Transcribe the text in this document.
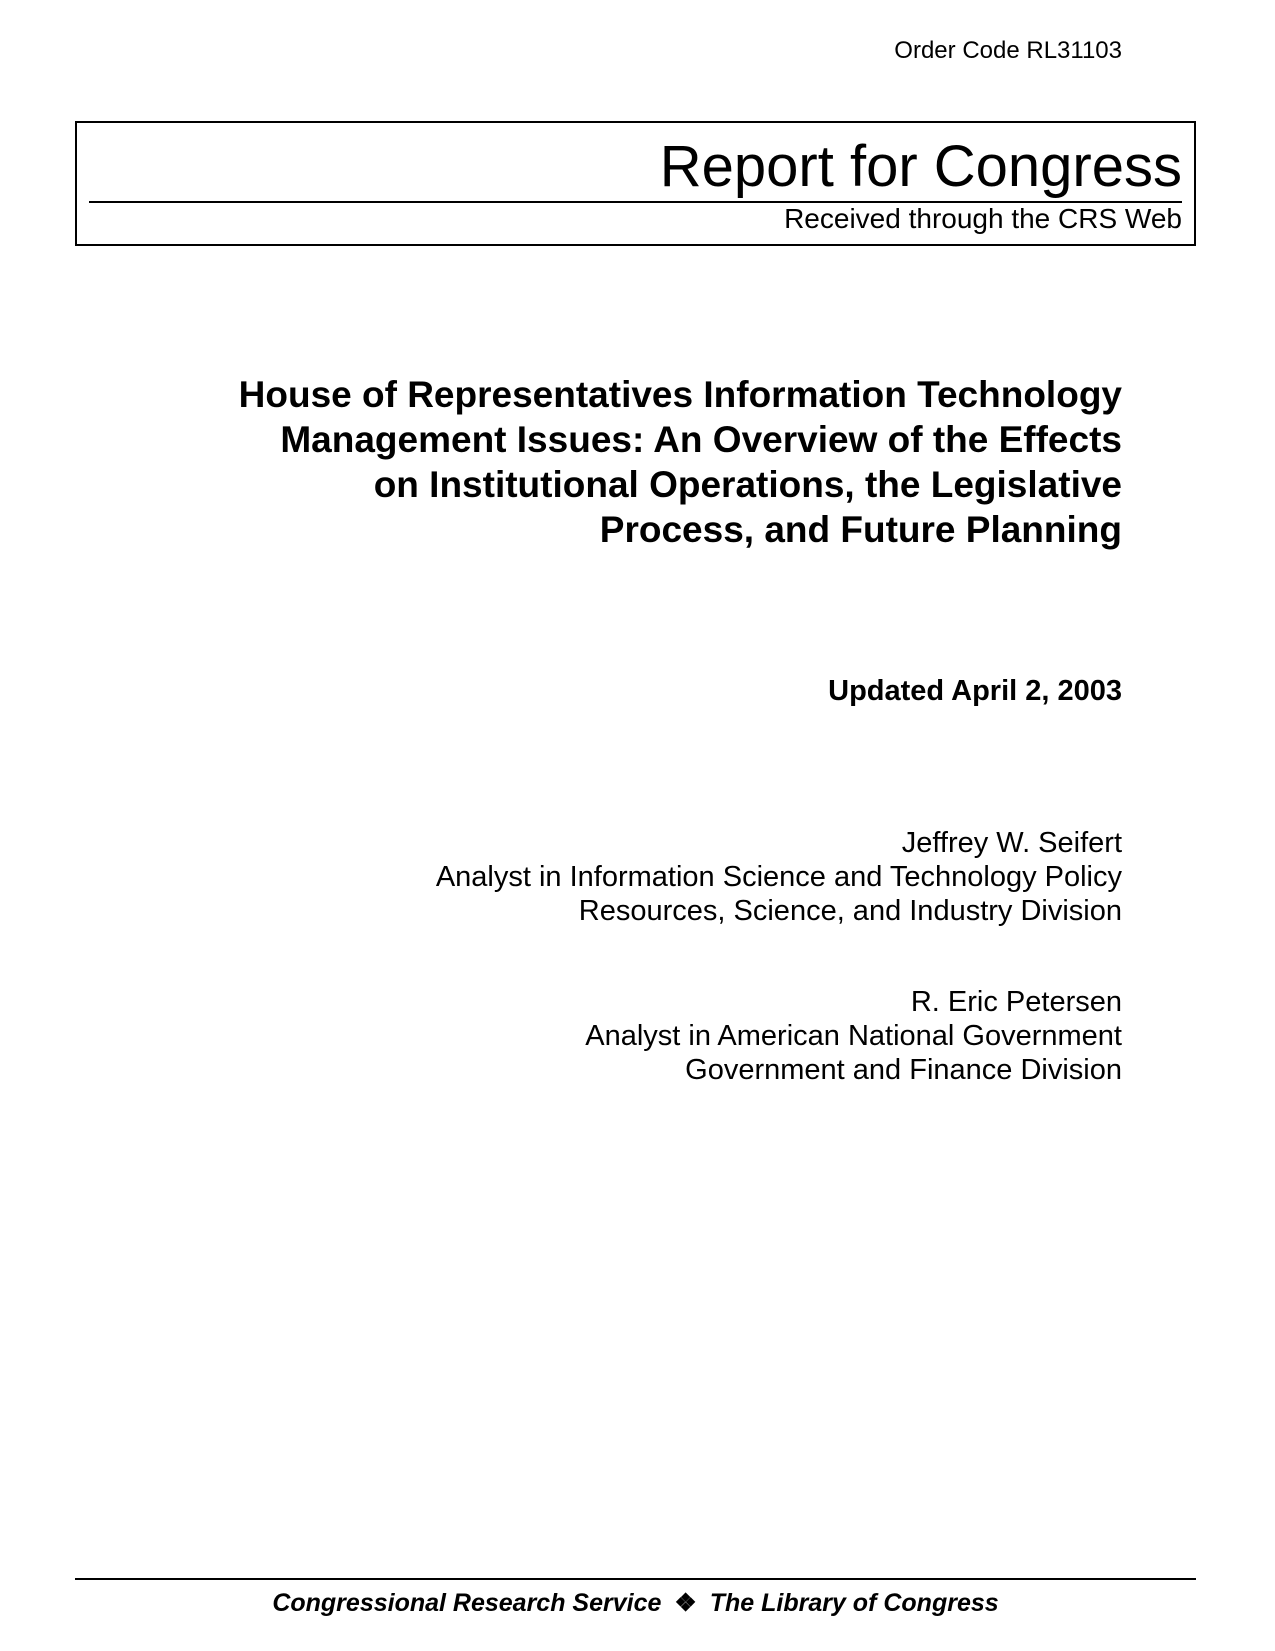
Order Code RL31103
Report for Congress
Received through the CRS Web
House of Representatives Information Technology
Management Issues: An Overview of the Effects
on Institutional Operations, the Legislative
Process, and Future Planning
Updated April 2, 2003
Jeffrey W. Seifert
Analyst in Information Science and Technology Policy
Resources, Science, and Industry Division
R. Eric Petersen
Analyst in American National Government
Government and Finance Division
Congressional Research Service ❖ The Library of Congress
